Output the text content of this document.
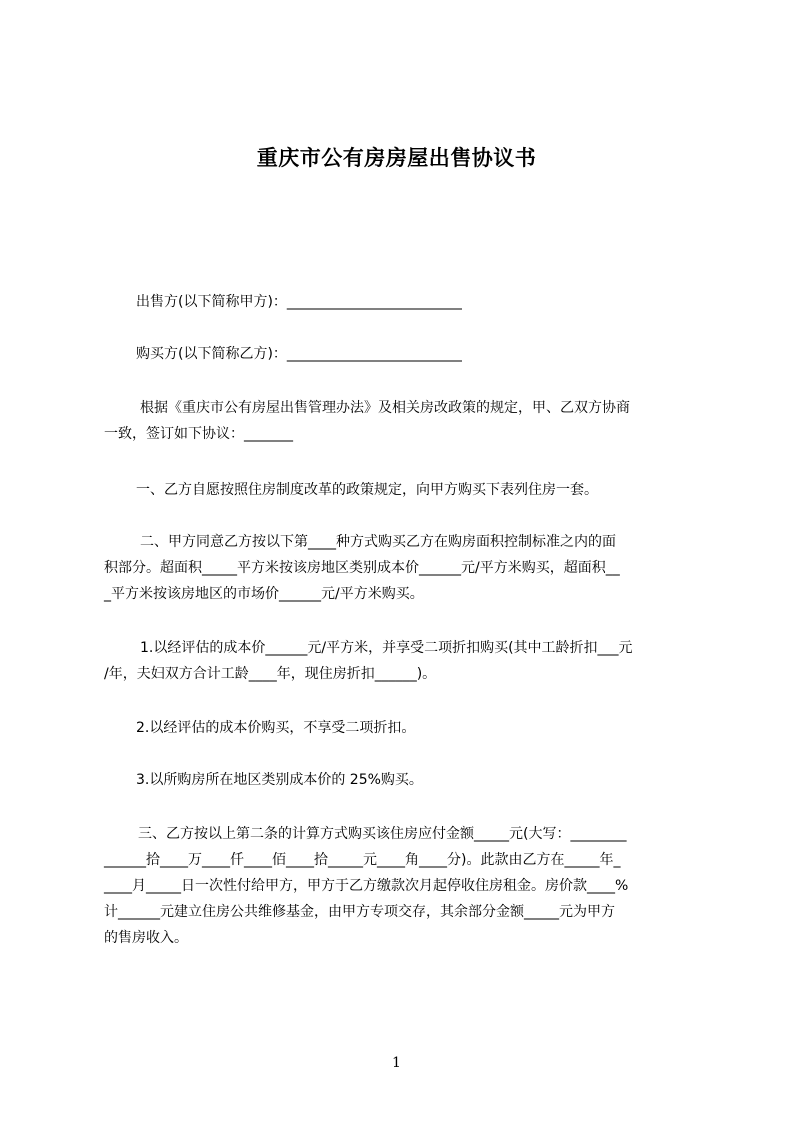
重庆市公有房房屋出售协议书
出售方(以下简称甲方)：_________________________
购买方(以下简称乙方)：_________________________
根据《重庆市公有房屋出售管理办法》及相关房改政策的规定，甲、乙双方协商
一致，签订如下协议：_______
一、乙方自愿按照住房制度改革的政策规定，向甲方购买下表列住房一套。
二、甲方同意乙方按以下第____种方式购买乙方在购房面积控制标准之内的面
积部分。超面积_____平方米按该房地区类别成本价______元/平方米购买，超面积__
_平方米按该房地区的市场价______元/平方米购买。
1.以经评估的成本价______元/平方米，并享受二项折扣购买(其中工龄折扣___元
/年，夫妇双方合计工龄____年，现住房折扣______)。
2.以经评估的成本价购买，不享受二项折扣。
3.以所购房所在地区类别成本价的 25%购买。
三、乙方按以上第二条的计算方式购买该住房应付金额_____元(大写：________
______拾____万____仟____佰____拾_____元____角____分)。此款由乙方在_____年_
____月_____日一次性付给甲方，甲方于乙方缴款次月起停收住房租金。房价款____%
计______元建立住房公共维修基金，由甲方专项交存，其余部分金额_____元为甲方
的售房收入。
1
